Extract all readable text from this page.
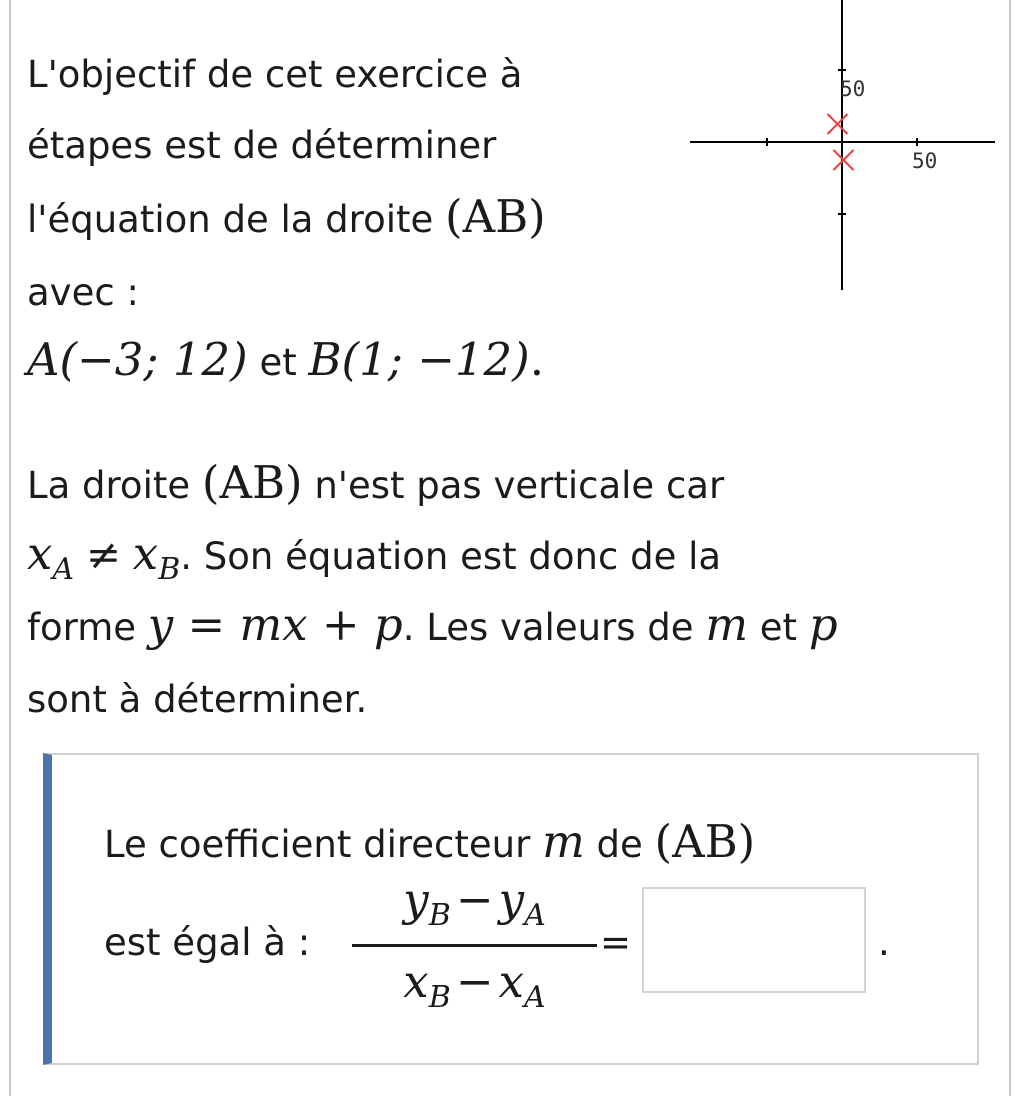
L'objectif de cet exercice à
étapes est de déterminer
l'équation de la droite (AB)
avec :
A(−3; 12) et B(1; −12).
50
50
La droite (AB) n'est pas verticale car
$x_A \ne x_B$. Son équation est donc de la
forme y = mx + p. Les valeurs de m et p
sont à déterminer.
Le coefficient directeur m de (AB)
est égal à :
yB − yA
xB − xA
=	.
